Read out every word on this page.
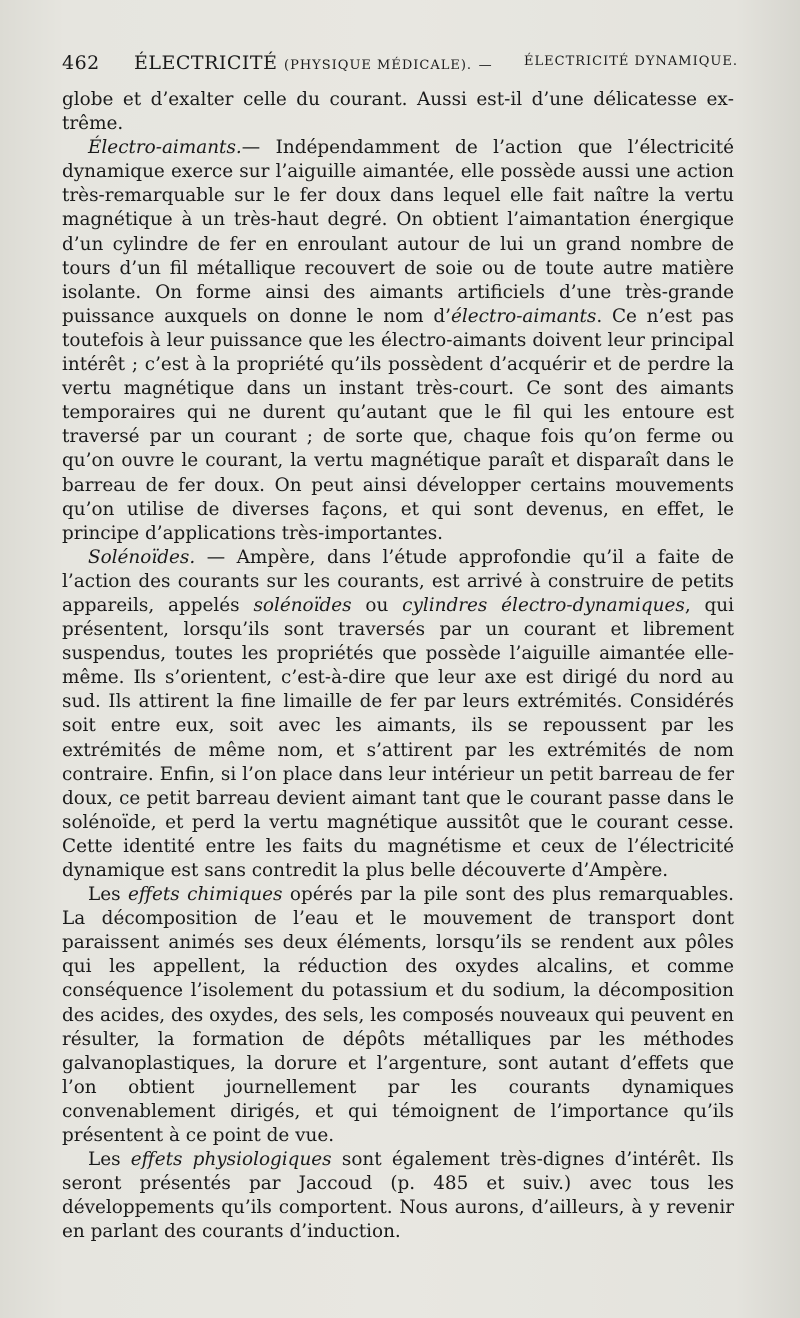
462 ÉLECTRICITÉ (PHYSIQUE MÉDICALE). — ÉLECTRICITÉ DYNAMIQUE.

globe et d’exalter celle du courant. Aussi est-il d’une délicatesse extrême.

Électro-aimants.— Indépendamment de l’action que l’électricité dynamique exerce sur l’aiguille aimantée, elle possède aussi une action très-remarquable sur le fer doux dans lequel elle fait naître la vertu magnétique à un très-haut degré. On obtient l’aimantation énergique d’un cylindre de fer en enroulant autour de lui un grand nombre de tours d’un fil métallique recouvert de soie ou de toute autre matière isolante. On forme ainsi des aimants artificiels d’une très-grande puissance auxquels on donne le nom d’électro-aimants. Ce n’est pas toutefois à leur puissance que les électro-aimants doivent leur principal intérêt ; c’est à la propriété qu’ils possèdent d’acquérir et de perdre la vertu magnétique dans un instant très-court. Ce sont des aimants temporaires qui ne durent qu’autant que le fil qui les entoure est traversé par un courant ; de sorte que, chaque fois qu’on ferme ou qu’on ouvre le courant, la vertu magnétique paraît et disparaît dans le barreau de fer doux. On peut ainsi développer certains mouvements qu’on utilise de diverses façons, et qui sont devenus, en effet, le principe d’applications très-importantes.

Solénoïdes. — Ampère, dans l’étude approfondie qu’il a faite de l’action des courants sur les courants, est arrivé à construire de petits appareils, appelés solénoïdes ou cylindres électro-dynamiques, qui présentent, lorsqu’ils sont traversés par un courant et librement suspendus, toutes les propriétés que possède l’aiguille aimantée elle-même. Ils s’orientent, c’est-à-dire que leur axe est dirigé du nord au sud. Ils attirent la fine limaille de fer par leurs extrémités. Considérés soit entre eux, soit avec les aimants, ils se repoussent par les extrémités de même nom, et s’attirent par les extrémités de nom contraire. Enfin, si l’on place dans leur intérieur un petit barreau de fer doux, ce petit barreau devient aimant tant que le courant passe dans le solénoïde, et perd la vertu magnétique aussitôt que le courant cesse. Cette identité entre les faits du magnétisme et ceux de l’électricité dynamique est sans contredit la plus belle découverte d’Ampère.

Les effets chimiques opérés par la pile sont des plus remarquables. La décomposition de l’eau et le mouvement de transport dont paraissent animés ses deux éléments, lorsqu’ils se rendent aux pôles qui les appellent, la réduction des oxydes alcalins, et comme conséquence l’isolement du potassium et du sodium, la décomposition des acides, des oxydes, des sels, les composés nouveaux qui peuvent en résulter, la formation de dépôts métalliques par les méthodes galvanoplastiques, la dorure et l’argenture, sont autant d’effets que l’on obtient journellement par les courants dynamiques convenablement dirigés, et qui témoignent de l’importance qu’ils présentent à ce point de vue.

Les effets physiologiques sont également très-dignes d’intérêt. Ils seront présentés par Jaccoud (p. 485 et suiv.) avec tous les développements qu’ils comportent. Nous aurons, d’ailleurs, à y revenir en parlant des courants d’induction.
